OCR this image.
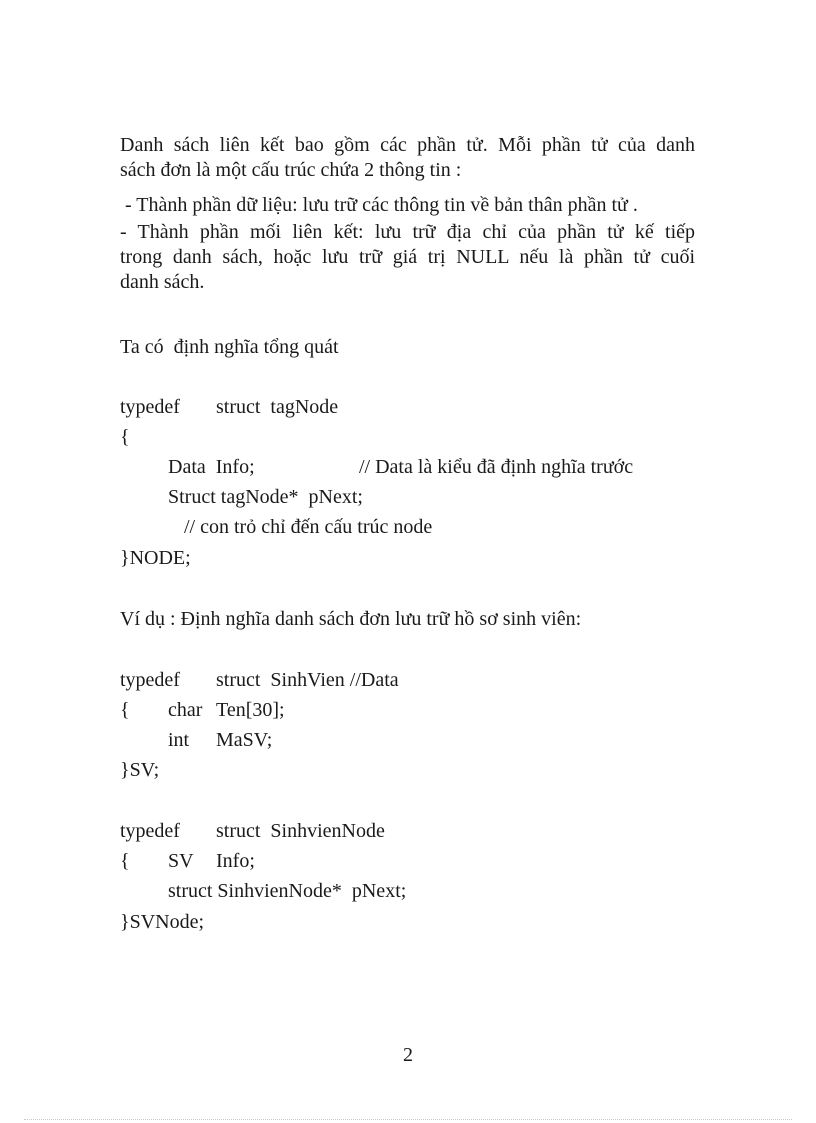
Danh sách liên kết bao gồm các phần tử. Mỗi phần tử của danh
sách đơn là một cấu trúc chứa 2 thông tin :

- Thành phần dữ liệu: lưu trữ các thông tin về bản thân phần tử .

- Thành phần mối liên kết: lưu trữ địa chỉ của phần tử kế tiếp
trong danh sách, hoặc lưu trữ giá trị NULL nếu là phần tử cuối
danh sách.

Ta có  định nghĩa tổng quát
typedef struct  tagNode
{
Data  Info;	// Data là kiểu đã định nghĩa trước
Struct tagNode*  pNext;
// con trỏ chỉ đến cấu trúc node
}NODE;
Ví dụ : Định nghĩa danh sách đơn lưu trữ hồ sơ sinh viên:
typedef struct  SinhVien //Data
{ char Ten[30];
int MaSV;
}SV;
typedef struct  SinhvienNode
{ SV Info;
struct SinhvienNode*  pNext;
}SVNode;
2
